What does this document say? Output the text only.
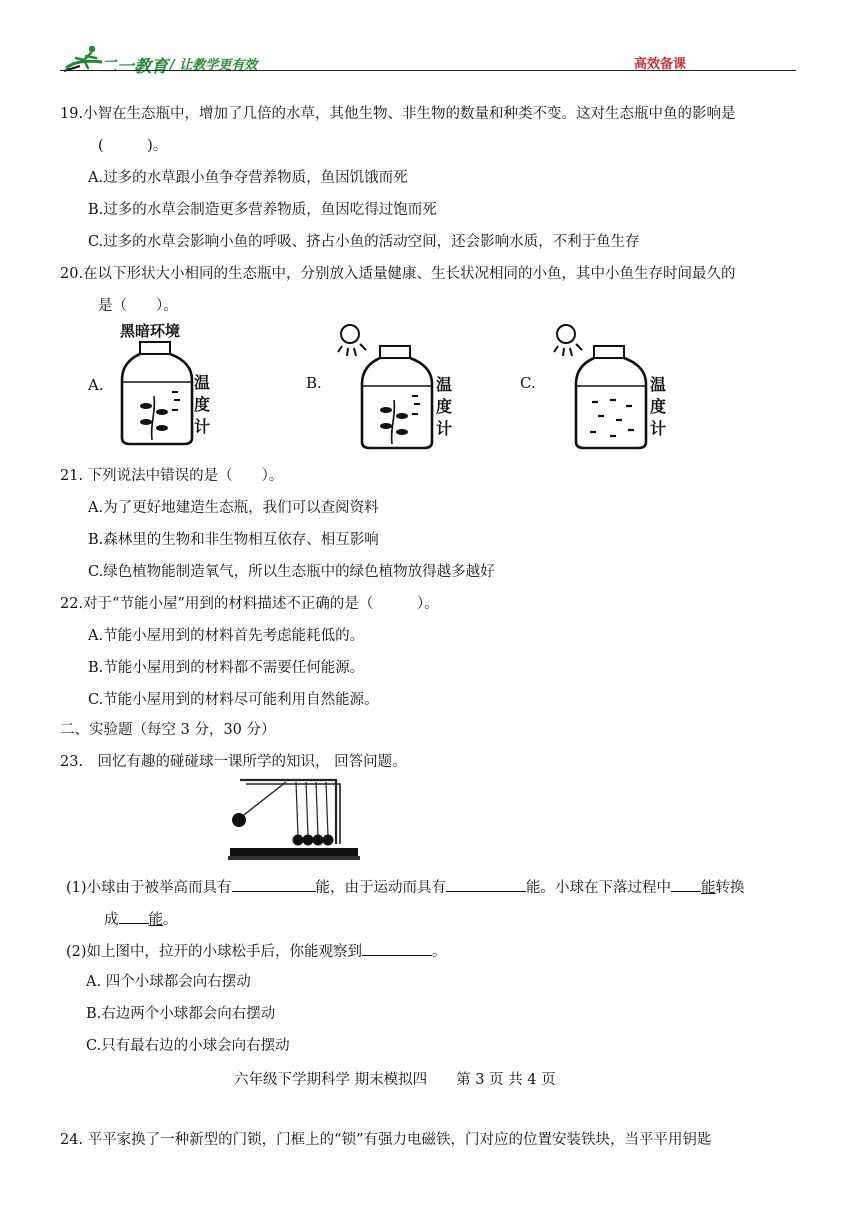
二一教育 / 让教学更有效	高效备课
19.小智在生态瓶中，增加了几倍的水草，其他生物、非生物的数量和种类不变。这对生态瓶中鱼的影响是
(　　　)。
A.过多的水草跟小鱼争夺营养物质，鱼因饥饿而死
B.过多的水草会制造更多营养物质，鱼因吃得过饱而死
C.过多的水草会影响小鱼的呼吸、挤占小鱼的活动空间，还会影响水质，不利于鱼生存
20.在以下形状大小相同的生态瓶中，分别放入适量健康、生长状况相同的小鱼，其中小鱼生存时间最久的
是（　　）。
A.
黑暗环境
温
度
计
B.	温
度
计
C.	温
度
计
21. 下列说法中错误的是（　　）。
A.为了更好地建造生态瓶，我们可以查阅资料
B.森林里的生物和非生物相互依存、相互影响
C.绿色植物能制造氧气，所以生态瓶中的绿色植物放得越多越好
22.对于“节能小屋”用到的材料描述不正确的是（　　　）。
A.节能小屋用到的材料首先考虑能耗低的。
B.节能小屋用到的材料都不需要任何能源。
C.节能小屋用到的材料尽可能利用自然能源。
二、实验题（每空 3 分，30 分）
23.　回忆有趣的碰碰球一课所学的知识， 回答问题。
(1)小球由于被举高而具有	能，由于运动而具有	能。小球在下落过程中 能转换
成 能。
(2)如上图中，拉开的小球松手后，你能观察到	。
A. 四个小球都会向右摆动
B.右边两个小球都会向右摆动
C.只有最右边的小球会向右摆动
六年级下学期科学 期末模拟四　　第 3 页 共 4 页
24. 平平家换了一种新型的门锁，门框上的“锁”有强力电磁铁，门对应的位置安装铁块，当平平用钥匙
